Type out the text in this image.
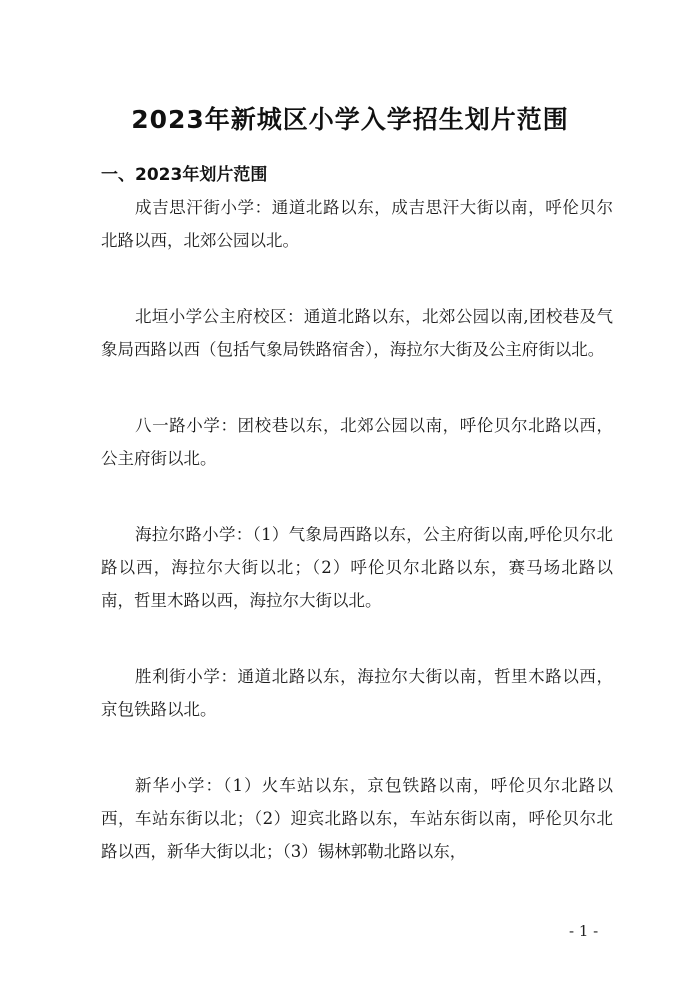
2023年新城区小学入学招生划片范围
一、2023年划片范围

成吉思汗街小学：通道北路以东，成吉思汗大街以南，呼伦贝尔北路以西，北郊公园以北。

北垣小学公主府校区：通道北路以东，北郊公园以南,团校巷及气象局西路以西（包括气象局铁路宿舍），海拉尔大街及公主府街以北。

八一路小学：团校巷以东，北郊公园以南，呼伦贝尔北路以西，公主府街以北。

海拉尔路小学：（1）气象局西路以东，公主府街以南,呼伦贝尔北路以西，海拉尔大街以北；（2）呼伦贝尔北路以东，赛马场北路以南，哲里木路以西，海拉尔大街以北。

胜利街小学：通道北路以东，海拉尔大街以南，哲里木路以西，京包铁路以北。

新华小学：（1）火车站以东，京包铁路以南，呼伦贝尔北路以西，车站东街以北；（2）迎宾北路以东，车站东街以南，呼伦贝尔北路以西，新华大街以北；（3）锡林郭勒北路以东，

- 1 -
